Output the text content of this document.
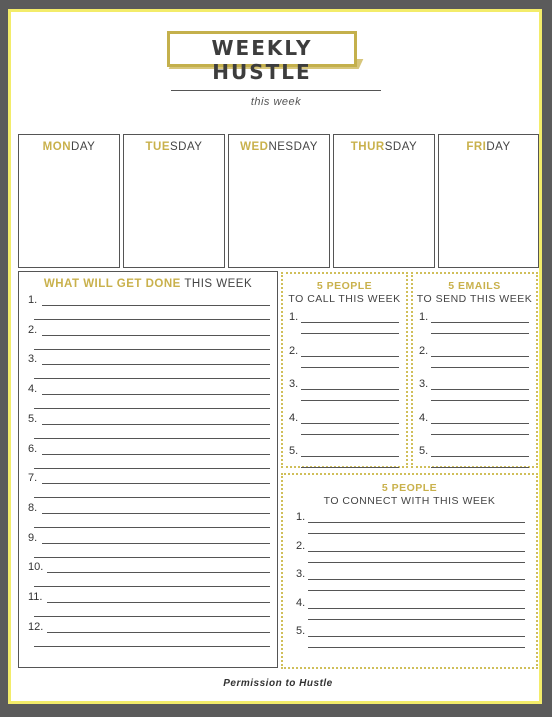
WEEKLY HUSTLE
this week
MONDAY	TUESDAY	WEDNESDAY	THURSDAY	FRIDAY
WHAT WILL GET DONE THIS WEEK
1.
2.
3.
4.
5.
6.
7.
8.
9.
10.
11.
12.
5 PEOPLE
TO CALL THIS WEEK
1.
2.
3.
4.
5.
5 EMAILS
TO SEND THIS WEEK
1.
2.
3.
4.
5.
5 PEOPLE
TO CONNECT WITH THIS WEEK
1.
2.
3.
4.
5.
Permission to Hustle
